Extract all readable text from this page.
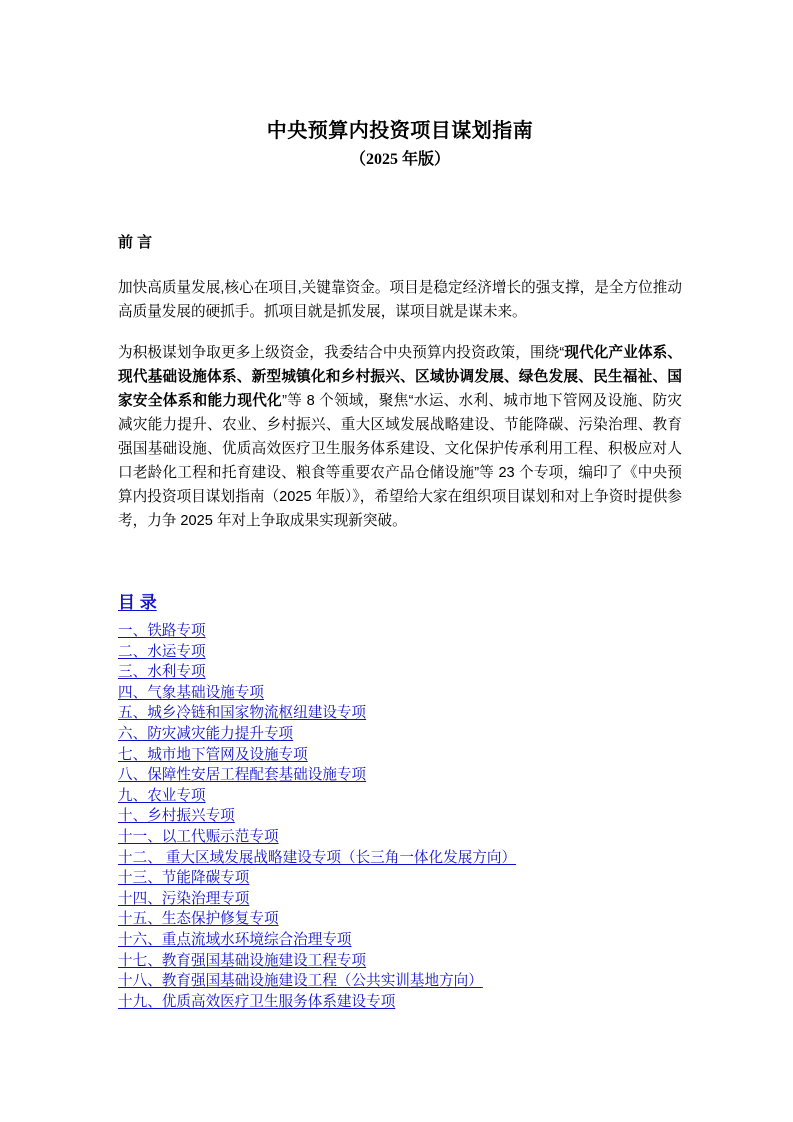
中央预算内投资项目谋划指南
（2025 年版）
前 言

加快高质量发展,核心在项目,关键靠资金。项目是稳定经济增长的强支撑，是全方位推动高质量发展的硬抓手。抓项目就是抓发展，谋项目就是谋未来。

为积极谋划争取更多上级资金，我委结合中央预算内投资政策，围绕“现代化产业体系、现代基础设施体系、新型城镇化和乡村振兴、区域协调发展、绿色发展、民生福祉、国家安全体系和能力现代化”等 8 个领域，聚焦“水运、水利、城市地下管网及设施、防灾减灾能力提升、农业、乡村振兴、重大区域发展战略建设、节能降碳、污染治理、教育强国基础设施、优质高效医疗卫生服务体系建设、文化保护传承利用工程、积极应对人口老龄化工程和托育建设、粮食等重要农产品仓储设施”等 23 个专项，编印了《中央预算内投资项目谋划指南（2025 年版）》，希望给大家在组织项目谋划和对上争资时提供参考，力争 2025 年对上争取成果实现新突破。

目 录
一、铁路专项
二、水运专项
三、水利专项
四、气象基础设施专项
五、城乡冷链和国家物流枢纽建设专项
六、防灾减灾能力提升专项
七、城市地下管网及设施专项
八、保障性安居工程配套基础设施专项
九、农业专项
十、乡村振兴专项
十一、以工代赈示范专项
十二、 重大区域发展战略建设专项（长三角一体化发展方向）
十三、节能降碳专项
十四、污染治理专项
十五、生态保护修复专项
十六、重点流域水环境综合治理专项
十七、教育强国基础设施建设工程专项
十八、教育强国基础设施建设工程（公共实训基地方向）
十九、优质高效医疗卫生服务体系建设专项
